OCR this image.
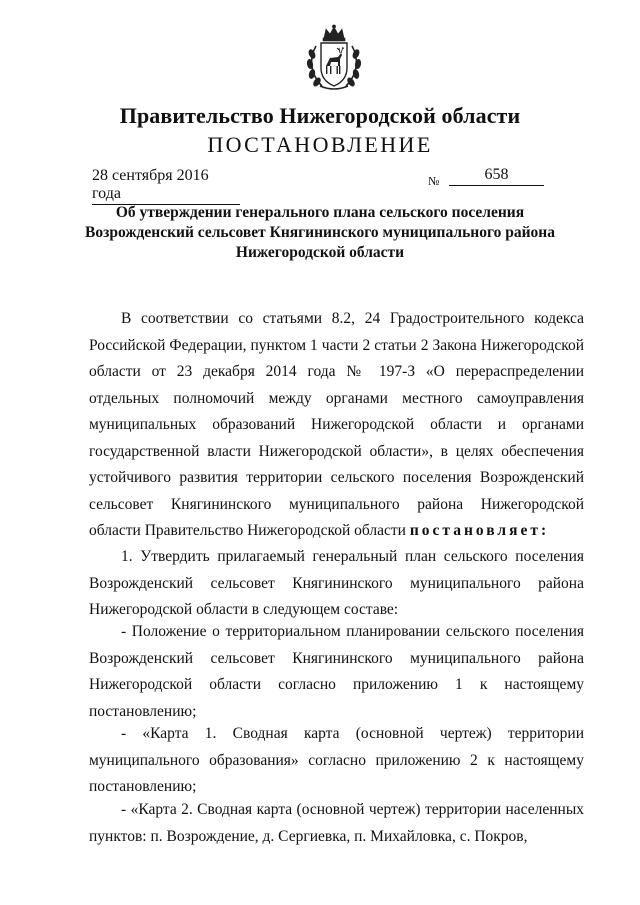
Правительство Нижегородской области
ПОСТАНОВЛЕНИЕ
28 сентября 2016 года
№	658
Об утверждении генерального плана сельского поселения Возрожденский сельсовет Княгининского муниципального района Нижегородской области

В соответствии со статьями 8.2, 24 Градостроительного кодекса Российской Федерации, пунктом 1 части 2 статьи 2 Закона Нижегородской области от 23 декабря 2014 года № 197-З «О перераспределении отдельных полномочий между органами местного самоуправления муниципальных образований Нижегородской области и органами государственной власти Нижегородской области», в целях обеспечения устойчивого развития территории сельского поселения Возрожденский сельсовет Княгининского муниципального района Нижегородской области Правительство Нижегородской области постановляет:

1. Утвердить прилагаемый генеральный план сельского поселения Возрожденский сельсовет Княгининского муниципального района Нижегородской области в следующем составе:

- Положение о территориальном планировании сельского поселения Возрожденский сельсовет Княгининского муниципального района Нижегородской области согласно приложению 1 к настоящему постановлению;

- «Карта 1. Сводная карта (основной чертеж) территории муниципального образования» согласно приложению 2 к настоящему постановлению;

- «Карта 2. Сводная карта (основной чертеж) территории населенных пунктов: п. Возрождение, д. Сергиевка, п. Михайловка, с. Покров,
